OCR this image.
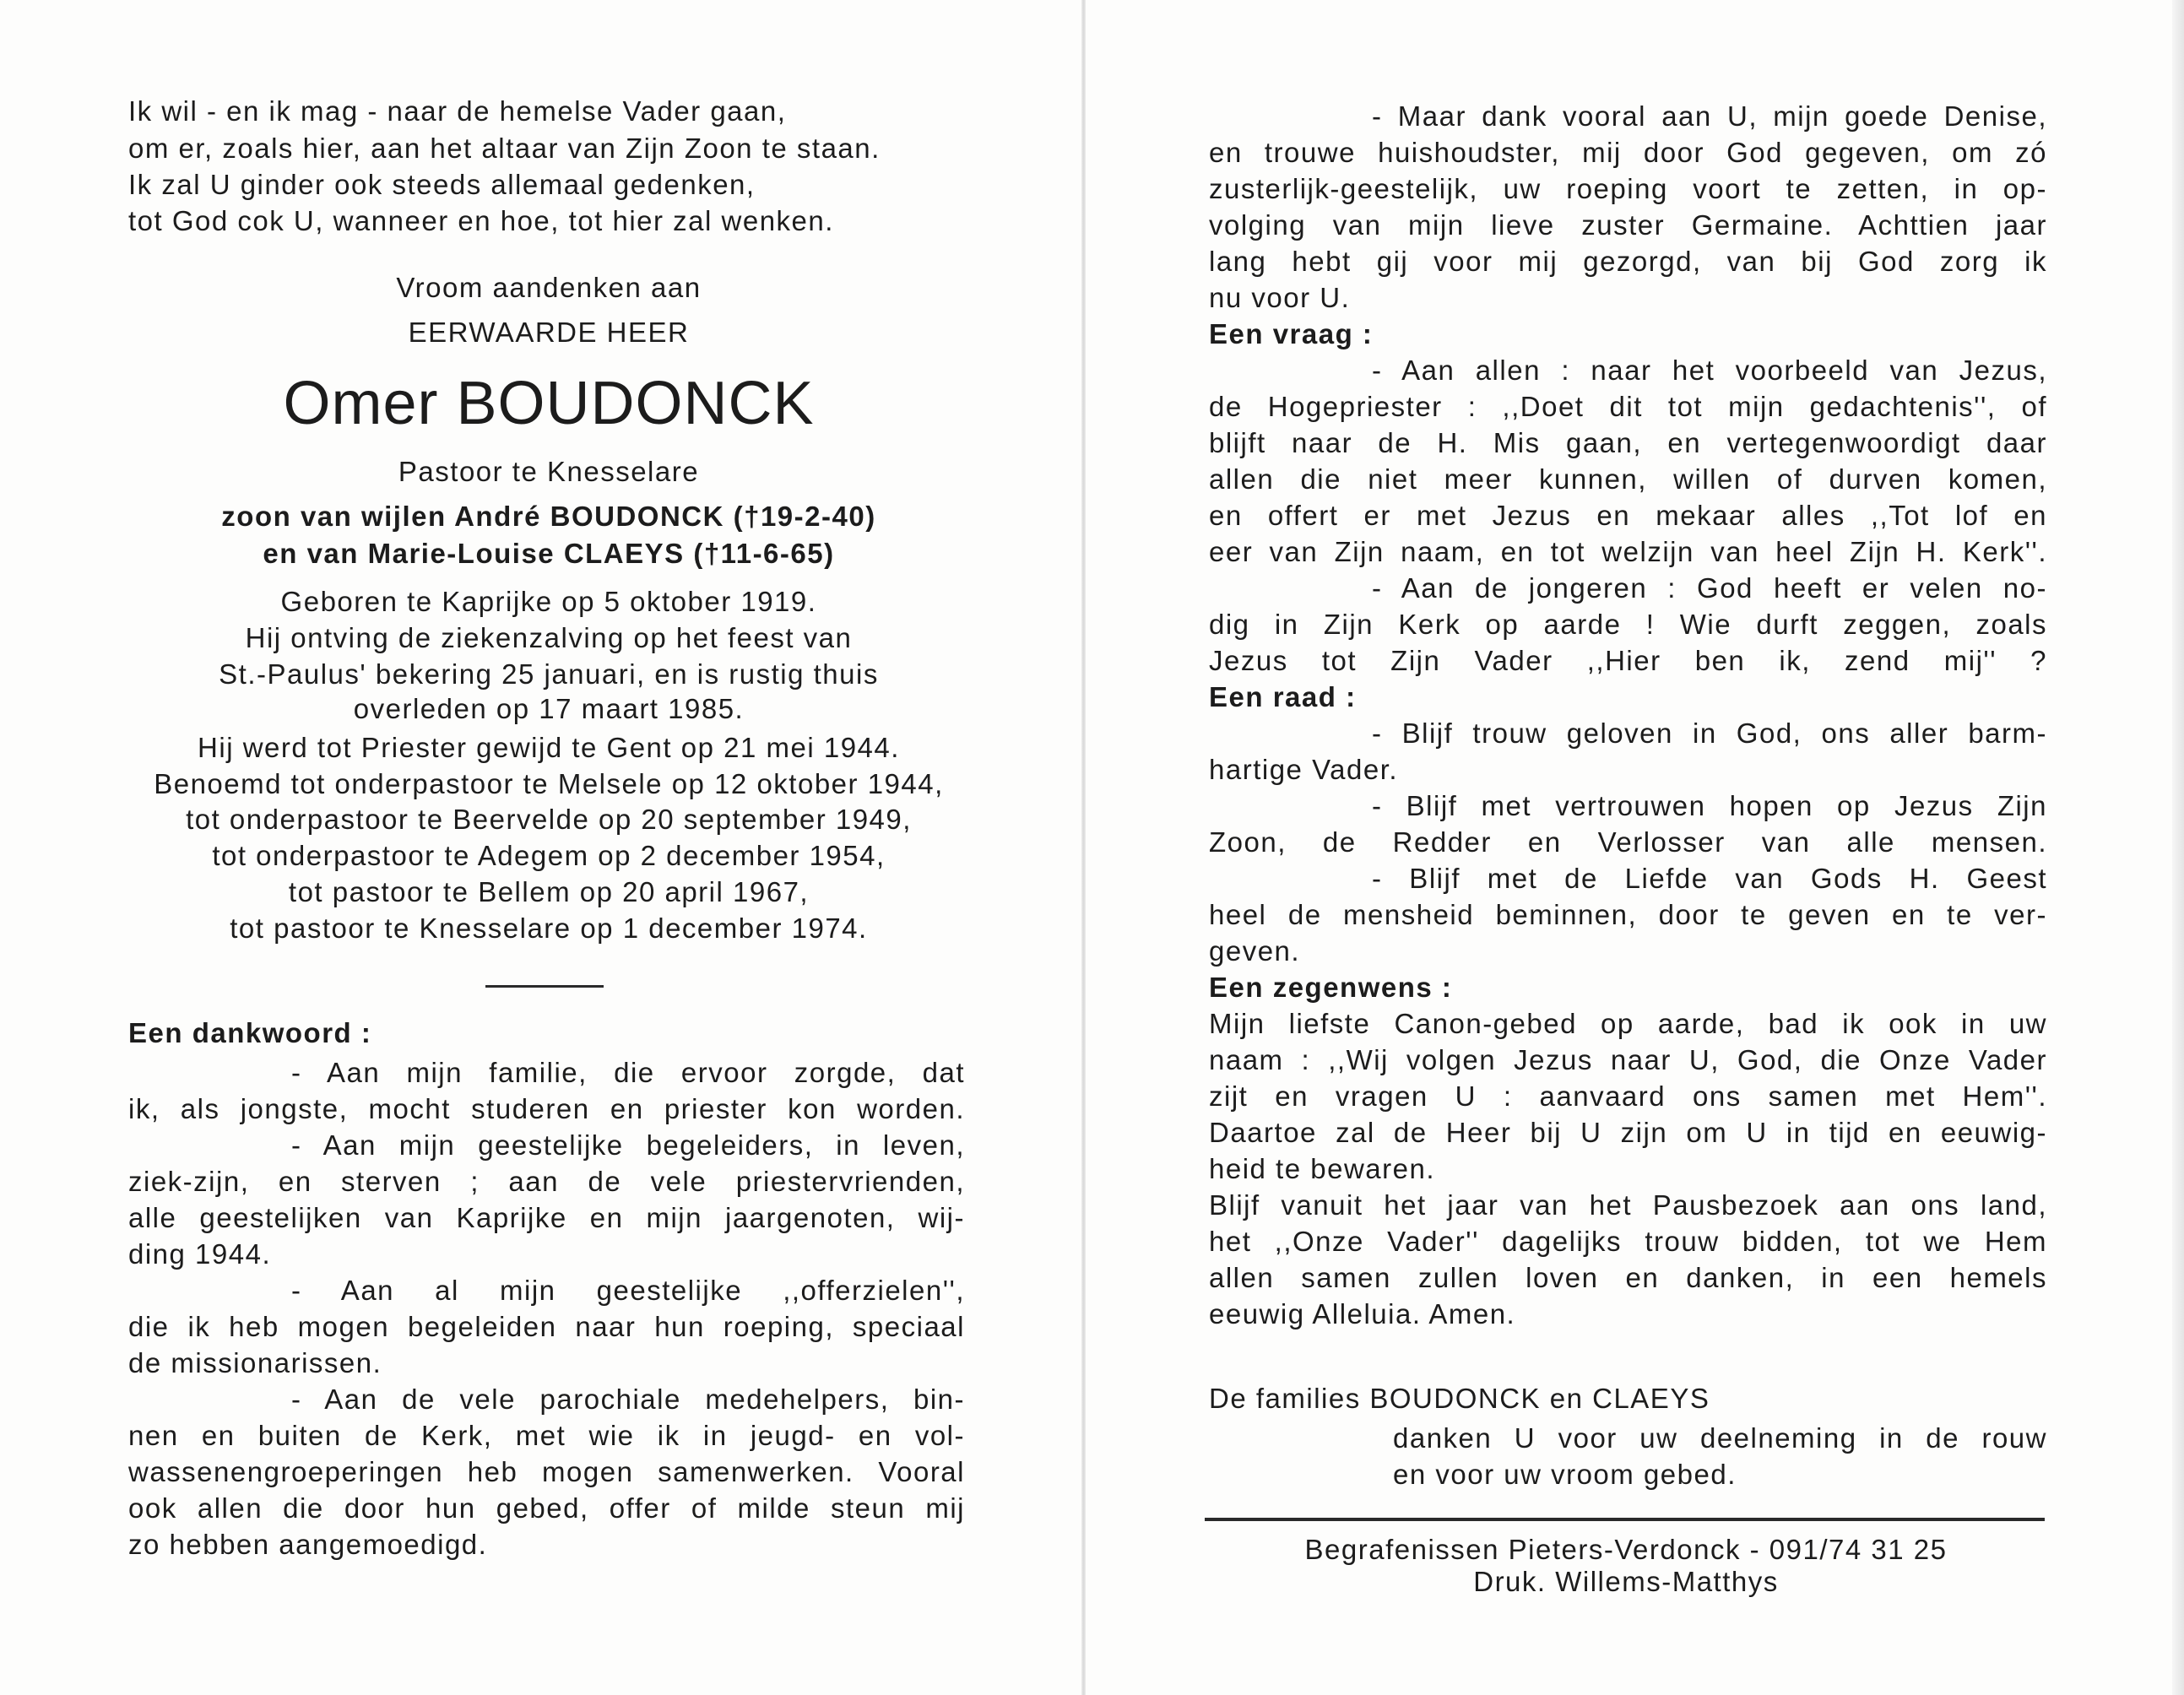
Ik wil - en ik mag - naar de hemelse Vader gaan,
om er, zoals hier, aan het altaar van Zijn Zoon te staan.
Ik zal U ginder ook steeds allemaal gedenken,
tot God cok U, wanneer en hoe, tot hier zal wenken.
Vroom aandenken aan
EERWAARDE HEER
Omer BOUDONCK
Pastoor te Knesselare
zoon van wijlen André BOUDONCK (†19-2-40)
en van Marie-Louise CLAEYS (†11-6-65)
Geboren te Kaprijke op 5 oktober 1919.
Hij ontving de ziekenzalving op het feest van
St.-Paulus' bekering 25 januari, en is rustig thuis
overleden op 17 maart 1985.
Hij werd tot Priester gewijd te Gent op 21 mei 1944.
Benoemd tot onderpastoor te Melsele op 12 oktober 1944,
tot onderpastoor te Beervelde op 20 september 1949,
tot onderpastoor te Adegem op 2 december 1954,
tot pastoor te Bellem op 20 april 1967,
tot pastoor te Knesselare op 1 december 1974.
Een dankwoord :
- Aan mijn familie, die ervoor zorgde, dat
ik, als jongste, mocht studeren en priester kon worden.
- Aan mijn geestelijke begeleiders, in leven,
ziek-zijn, en sterven ; aan de vele priestervrienden,
alle geestelijken van Kaprijke en mijn jaargenoten, wij-
ding 1944.
- Aan al mijn geestelijke ,,offerzielen'',
die ik heb mogen begeleiden naar hun roeping, speciaal
de missionarissen.
- Aan de vele parochiale medehelpers, bin-
nen en buiten de Kerk, met wie ik in jeugd- en vol-
wassenengroeperingen heb mogen samenwerken. Vooral
ook allen die door hun gebed, offer of milde steun mij
zo hebben aangemoedigd.
- Maar dank vooral aan U, mijn goede Denise,
en trouwe huishoudster, mij door God gegeven, om zó
zusterlijk-geestelijk, uw roeping voort te zetten, in op-
volging van mijn lieve zuster Germaine. Achttien jaar
lang hebt gij voor mij gezorgd, van bij God zorg ik
nu voor U.
Een vraag :
- Aan allen : naar het voorbeeld van Jezus,
de Hogepriester : ,,Doet dit tot mijn gedachtenis'', of
blijft naar de H. Mis gaan, en vertegenwoordigt daar
allen die niet meer kunnen, willen of durven komen,
en offert er met Jezus en mekaar alles ,,Tot lof en
eer van Zijn naam, en tot welzijn van heel Zijn H. Kerk''.
- Aan de jongeren : God heeft er velen no-
dig in Zijn Kerk op aarde ! Wie durft zeggen, zoals
Jezus tot Zijn Vader ,,Hier ben ik, zend mij'' ?
Een raad :
- Blijf trouw geloven in God, ons aller barm-
hartige Vader.
- Blijf met vertrouwen hopen op Jezus Zijn
Zoon, de Redder en Verlosser van alle mensen.
- Blijf met de Liefde van Gods H. Geest
heel de mensheid beminnen, door te geven en te ver-
geven.
Een zegenwens :
Mijn liefste Canon-gebed op aarde, bad ik ook in uw
naam : ,,Wij volgen Jezus naar U, God, die Onze Vader
zijt en vragen U : aanvaard ons samen met Hem''.
Daartoe zal de Heer bij U zijn om U in tijd en eeuwig-
heid te bewaren.
Blijf vanuit het jaar van het Pausbezoek aan ons land,
het ,,Onze Vader'' dagelijks trouw bidden, tot we Hem
allen samen zullen loven en danken, in een hemels
eeuwig Alleluia. Amen.
De families BOUDONCK en CLAEYS
danken U voor uw deelneming in de rouw
en voor uw vroom gebed.
Begrafenissen Pieters-Verdonck - 091/74 31 25
Druk. Willems-Matthys
